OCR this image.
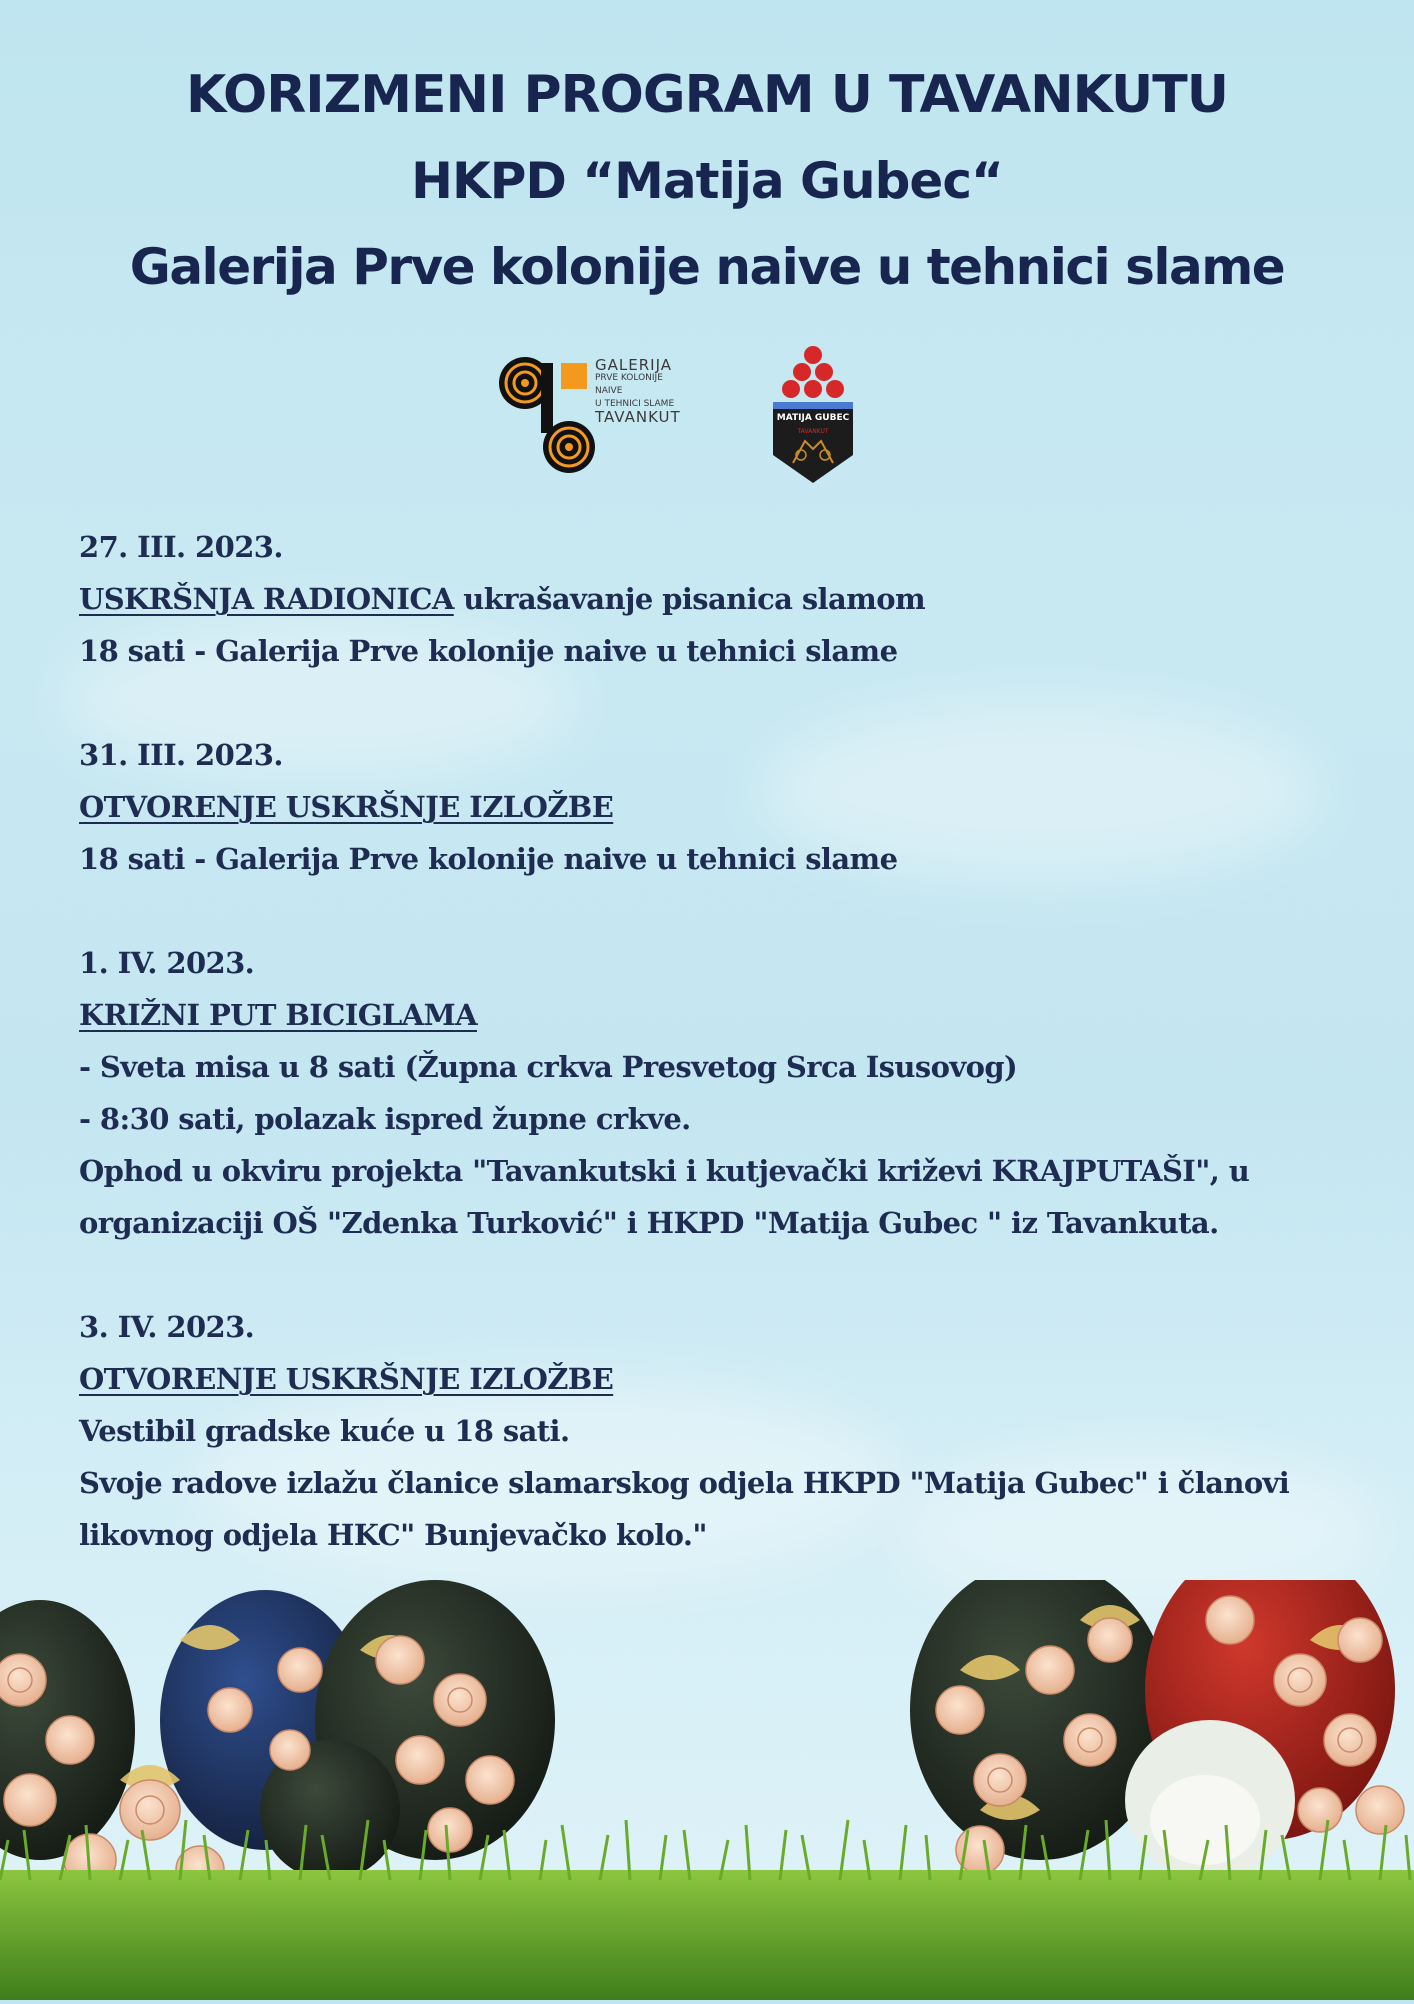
KORIZMENI PROGRAM U TAVANKUTU
HKPD “Matija Gubec“
Galerija Prve kolonije naive u tehnici slame
GALERIJA
PRVE KOLONIJE NAIVE
U TEHNICI SLAME
TAVANKUT	MATIJA GUBEC
TAVANKUT

27. III. 2023.

USKRŠNJA RADIONICA ukrašavanje pisanica slamom

18 sati - Galerija Prve kolonije naive u tehnici slame

31. III. 2023.

OTVORENJE USKRŠNJE IZLOŽBE

18 sati - Galerija Prve kolonije naive u tehnici slame

1. IV. 2023.

KRIŽNI PUT BICIGLAMA

- Sveta misa u 8 sati (Župna crkva Presvetog Srca Isusovog)

- 8:30 sati, polazak ispred župne crkve.

Ophod u okviru projekta "Tavankutski i kutjevački križevi KRAJPUTAŠI", u

organizaciji OŠ "Zdenka Turković" i HKPD "Matija Gubec " iz Tavankuta.

3. IV. 2023.

OTVORENJE USKRŠNJE IZLOŽBE

Vestibil gradske kuće u 18 sati.

Svoje radove izlažu članice slamarskog odjela HKPD "Matija Gubec" i članovi

likovnog odjela HKC" Bunjevačko kolo."
